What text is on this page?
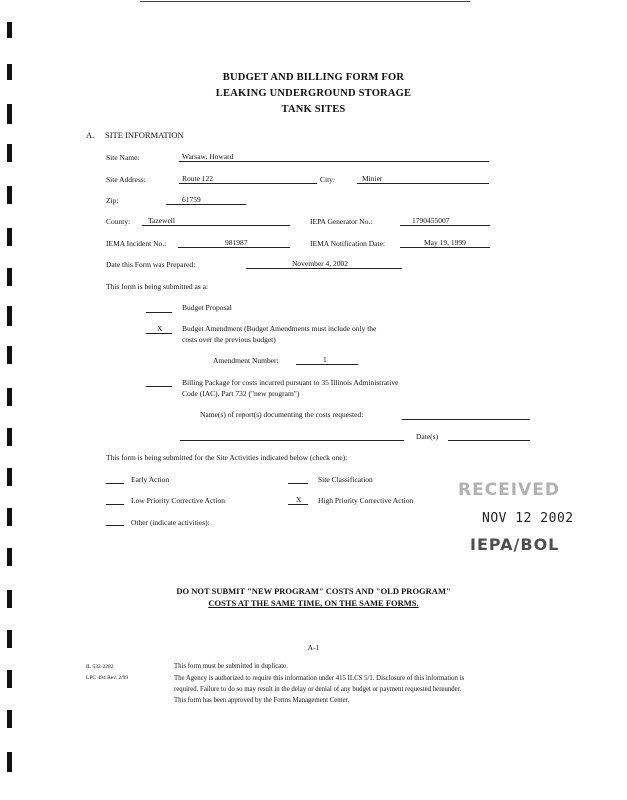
BUDGET AND BILLING FORM FOR
LEAKING UNDERGROUND STORAGE
TANK SITES
A. SITE INFORMATION
Site Name:	Warsaw, Howard
Site Address:	Route 122	City:	Minier
Zip:	61759
County: Tazewell	IEPA Generator No.:	1790455007
IEMA Incident No.:	981987	IEMA Notification Date:	May 19, 1999
Date this Form was Prepared:	November 4, 2002
This form is being submitted as a:
Budget Proposal
X	Budget Amendment (Budget Amendments must include only the
costs over the previous budget)
Amendment Number:	1
Billing Package for costs incurred pursuant to 35 Illinois Administrative
Code (IAC), Part 732 ("new program")
Name(s) of report(s) documenting the costs requested:
Date(s)
This form is being submitted for the Site Activities indicated below (check one):
Early Action	Site Classification
Low Priority Corrective Action	X High Priority Corrective Action
Other (indicate activities):
RECEIVED
NOV 12 2002
IEPA/BOL
DO NOT SUBMIT "NEW PROGRAM" COSTS AND "OLD PROGRAM"
COSTS AT THE SAME TIME, ON THE SAME FORMS.
A-1
IL 532-2282
LPC 494 Rev. 2/99
This form must be submitted in duplicate.
The Agency is authorized to require this information under 415 ILCS 5/1. Disclosure of this information is
required. Failure to do so may result in the delay or denial of any budget or payment requested hereunder.
This form has been approved by the Forms Management Center.
